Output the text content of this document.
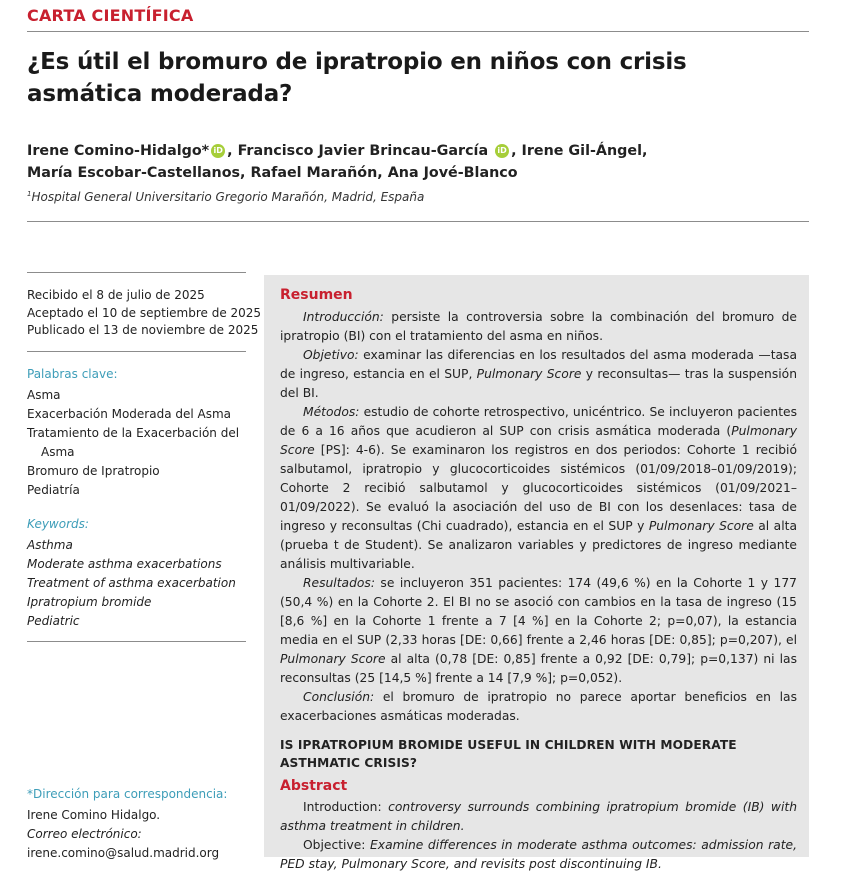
CARTA CIENTÍFICA
¿Es útil el bromuro de ipratropio en niños con crisis asmática moderada?

Irene Comino-Hidalgo* iD , Francisco Javier Brincau-García iD , Irene Gil-Ángel,
María Escobar-Castellanos, Rafael Marañón, Ana Jové-Blanco

$^1$Hospital General Universitario Gregorio Marañón, Madrid, España
Recibido el 8 de julio de 2025
Aceptado el 10 de septiembre de 2025
Publicado el 13 de noviembre de 2025
Palabras clave:
Asma
Exacerbación Moderada del Asma
Tratamiento de la Exacerbación del
Asma
Bromuro de Ipratropio
Pediatría
Keywords:
Asthma
Moderate asthma exacerbations
Treatment of asthma exacerbation
Ipratropium bromide
Pediatric
*Dirección para correspondencia:
Irene Comino Hidalgo.
Correo electrónico:
irene.comino@salud.madrid.org
Resumen

Introducción: persiste la controversia sobre la combinación del bromuro de ipratropio (BI) con el tratamiento del asma en niños.

Objetivo: examinar las diferencias en los resultados del asma moderada —tasa de ingreso, estancia en el SUP, Pulmonary Score y reconsultas— tras la suspensión del BI.

Métodos: estudio de cohorte retrospectivo, unicéntrico. Se incluyeron pacientes de 6 a 16 años que acudieron al SUP con crisis asmática moderada (Pulmonary Score [PS]: 4-6). Se examinaron los registros en dos periodos: Cohorte 1 recibió salbutamol, ipratropio y glucocorticoides sistémicos (01/09/2018–01/09/2019); Cohorte 2 recibió salbutamol y glucocorticoides sistémicos (01/09/2021–01/09/2022). Se evaluó la asociación del uso de BI con los desenlaces: tasa de ingreso y reconsultas (Chi cuadrado), estancia en el SUP y Pulmonary Score al alta (prueba t de Student). Se analizaron variables y predictores de ingreso mediante análisis multivariable.

Resultados: se incluyeron 351 pacientes: 174 (49,6 %) en la Cohorte 1 y 177 (50,4 %) en la Cohorte 2. El BI no se asoció con cambios en la tasa de ingreso (15 [8,6 %] en la Cohorte 1 frente a 7 [4 %] en la Cohorte 2; p=0,07), la estancia media en el SUP (2,33 horas [DE: 0,66] frente a 2,46 horas [DE: 0,85]; p=0,207), el Pulmonary Score al alta (0,78 [DE: 0,85] frente a 0,92 [DE: 0,79]; p=0,137) ni las reconsultas (25 [14,5 %] frente a 14 [7,9 %]; p=0,052).

Conclusión: el bromuro de ipratropio no parece aportar beneficios en las exacerbaciones asmáticas moderadas.

IS IPRATROPIUM BROMIDE USEFUL IN CHILDREN WITH MODERATE ASTHMATIC CRISIS?
Abstract

Introduction: controversy surrounds combining ipratropium bromide (IB) with asthma treatment in children.

Objective: Examine differences in moderate asthma outcomes: admission rate, PED stay, Pulmonary Score, and revisits post discontinuing IB.
